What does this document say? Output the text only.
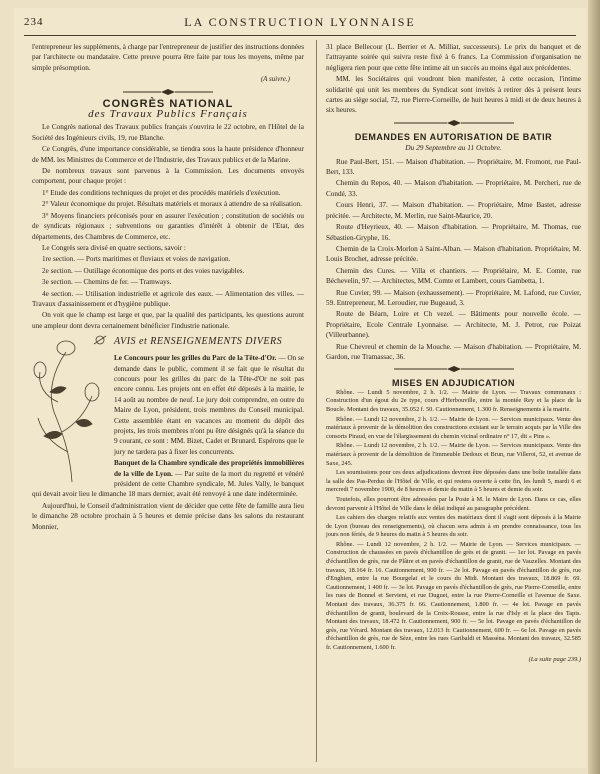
234	LA CONSTRUCTION LYONNAISE

l'entrepreneur les suppléments, à charge par l'entrepreneur de justifier des instructions données par l'architecte ou mandataire. Cette preuve pourra être faite par tous les moyens, même par simple présomption.

(A suivre.)
CONGRÈS NATIONAL
des Travaux Publics Français

Le Congrès national des Travaux publics français s'ouvrira le 22 octobre, en l'Hôtel de la Société des Ingénieurs civils, 19, rue Blanche.

Ce Congrès, d'une importance considérable, se tiendra sous la haute présidence d'honneur de MM. les Ministres du Commerce et de l'Industrie, des Travaux publics et de la Marine.

De nombreux travaux sont parvenus à la Commission. Les documents envoyés comportent, pour chaque projet :

1° Etude des conditions techniques du projet et des procédés matériels d'exécution.

2° Valeur économique du projet. Résultats matériels et moraux à attendre de sa réalisation.

3° Moyens financiers préconisés pour en assurer l'exécution ; constitution de sociétés ou de syndicats régionaux ; subventions ou garanties d'intérêt à obtenir de l'Etat, des départements, des Chambres de Commerce, etc.

Le Congrès sera divisé en quatre sections, savoir :

1re section. — Ports maritimes et fluviaux et voies de navigation.

2e section. — Outillage économique des ports et des voies navigables.

3e section. — Chemins de fer. — Tramways.

4e section. — Utilisation industrielle et agricole des eaux. — Alimentation des villes. — Travaux d'assainissement et d'hygiène publique.

On voit que le champ est large et que, par la qualité des participants, les questions auront une ampleur dont devra certainement bénéficier l'industrie nationale.

AVIS et RENSEIGNEMENTS DIVERS

Le Concours pour les grilles du Parc de la Tête-d'Or. — On se demande dans le public, comment il se fait que le résultat du concours pour les grilles du parc de la Tête-d'Or ne soit pas encore connu. Les projets ont en effet été déposés à la mairie, le 14 août au nombre de neuf. Le jury doit comprendre, en outre du Maire de Lyon, président, trois membres du Conseil municipal. Cette assemblée étant en vacances au moment du dépôt des projets, les trois membres n'ont pu être désignés qu'à la séance du 9 courant, ce sont : MM. Bizet, Cadet et Brunard. Espérons que le jury ne tardera pas à fixer les concurrents.

Banquet de la Chambre syndicale des propriétés immobilières de la ville de Lyon. — Par suite de la mort du regretté et vénéré président de cette Chambre syndicale, M. Jules Vally, le banquet qui devait avoir lieu le dimanche 18 mars dernier, avait été renvoyé à une date indéterminée.

Aujourd'hui, le Conseil d'administration vient de décider que cette fête de famille aura lieu le dimanche 28 octobre prochain à 5 heures et demie précise dans les salons du restaurant Monnier,

31 place Bellecour (L. Berrier et A. Milliat, successeurs). Le prix du banquet et de l'attrayante soirée qui suivra reste fixé à 6 francs. La Commission d'organisation ne négligera rien pour que cette fête intime ait un succès au moins égal aux précédentes.

MM. les Sociétaires qui voudront bien manifester, à cette occasion, l'intime solidarité qui unit les membres du Syndicat sont invités à retirer dès à présent leurs cartes au siège social, 72, rue Pierre-Corneille, de huit heures à midi et de deux heures à six heures.

DEMANDES EN AUTORISATION DE BATIR
Du 29 Septembre au 11 Octobre.

Rue Paul-Bert, 151. — Maison d'habitation. — Propriétaire, M. Fromont, rue Paul-Bert, 133.

Chemin du Repos, 40. — Maison d'habitation. — Propriétaire, M. Percheri, rue de Condé, 33.

Cours Henri, 37. — Maison d'habitation. — Propriétaire, Mme Bastet, adresse précitée. — Architecte, M. Merlin, rue Saint-Maurice, 20.

Route d'Heyrieux, 40. — Maison d'habitation. — Propriétaire, M. Thomas, rue Sébastien-Gryphe, 16.

Chemin de la Croix-Morlon à Saint-Alban. — Maison d'habitation. Propriétaire, M. Louis Brochet, adresse précitée.

Chemin des Cures. — Villa et chantiers. — Propriétaire, M. E. Comte, rue Béchevelin, 97. — Architectes, MM. Comte et Lambert, cours Gambetta, 1.

Rue Cuvier, 99. — Maison (exhaussement). — Propriétaire, M. Lafond, rue Cuvier, 59. Entrepreneur, M. Leroudier, rue Bugeaud, 3.

Route de Béarn, Loire et Ch vezel. — Bâtiments pour nouvelle école. — Propriétaire, Ecole Centrale Lyonnaise. — Architecte, M. J. Petrot, rue Poizat (Villeurbanne).

Rue Chevreul et chemin de la Mouche. — Maison d'habitation. — Propriétaire, M. Gardon, rue Tramassac, 36.

MISES EN ADJUDICATION

Rhône. — Lundi 5 novembre, 2 h. 1/2. — Mairie de Lyon. — Travaux communaux : Construction d'un égout du 2e type, cours d'Herbouville, entre la montée Rey et la place de la Boucle. Montant des travaux, 35.052 f. 50. Cautionnement, 1.300 fr. Renseignements à la mairie.

Rhône. — Lundi 12 novembre, 2 h. 1/2. — Mairie de Lyon. — Services municipaux. Vente des matériaux à provenir de la démolition des constructions existant sur le terrain acquis par la Ville des consorts Piraud, en vue de l'élargissement du chemin vicinal ordinaire n° 17, dit « Pins ».

Rhône. — Lundi 12 novembre, 2 h. 1/2. — Mairie de Lyon. — Services municipaux. Vente des matériaux à provenir de la démolition de l'immeuble Dedoux et Brun, rue Villeroi, 52, et avenue de Saxe, 245.

Les soumissions pour ces deux adjudications devront être déposées dans une boîte installée dans la salle des Pas-Perdus de l'Hôtel de Ville, et qui restera ouverte à cette fin, les lundi 5, mardi 6 et mercredi 7 novembre 1900, de 8 heures et demie du matin à 5 heures et demie du soir.

Toutefois, elles pourront être adressées par la Poste à M. le Maire de Lyon. Dans ce cas, elles devront parvenir à l'Hôtel de Ville dans le délai indiqué au paragraphe précédent.

Les cahiers des charges relatifs aux ventes des matériaux dont il s'agit sont déposés à la Mairie de Lyon (bureau des renseignements), où chacun sera admis à en prendre connaissance, tous les jours non fériés, de 9 heures du matin à 5 heures du soir.

Rhône. — Lundi 12 novembre, 2 h. 1/2. — Mairie de Lyon. — Services municipaux. — Construction de chaussées en pavés d'échantillon de grès et de granit. — 1er lot. Pavage en pavés d'échantillon de grès, rue de Plâtre et en pavés d'échantillon de granit, rue de Vauzelles. Montant des travaux, 18.164 fr. 16. Cautionnement, 900 fr. — 2e lot. Pavage en pavés d'échantillon de grès, rue d'Enghien, entre la rue Bourgelat et le cours du Midi. Montant des travaux, 18.869 fr. 69. Cautionnement, 1 400 fr. — 3e lot. Pavage en pavés d'échantillon de grès, rue Pierre-Corneille, entre les rues de Bonnel et Servient, et rue Duguet, entre la rue Pierre-Corneille et l'avenue de Saxe. Montant des travaux, 36.375 fr. 66. Cautionnement, 1.800 fr. — 4e lot. Pavage en pavés d'échantillon de granit, boulevard de la Croix-Rousse, entre la rue d'Isly et la place des Tapis. Montant des travaux, 18.472 fr. Cautionnement, 900 fr. — 5e lot. Pavage en pavés d'échantillon de grès, rue Vérard. Montant des travaux, 12.013 fr. Cautionnement, 600 fr. — 6e lot. Pavage en pavés d'échantillon de grès, rue de Sèze, entre les rues Garibaldi et Masséna. Montant des travaux, 32.585 fr. Cautionnement, 1.600 fr.

(La suite page 239.)
